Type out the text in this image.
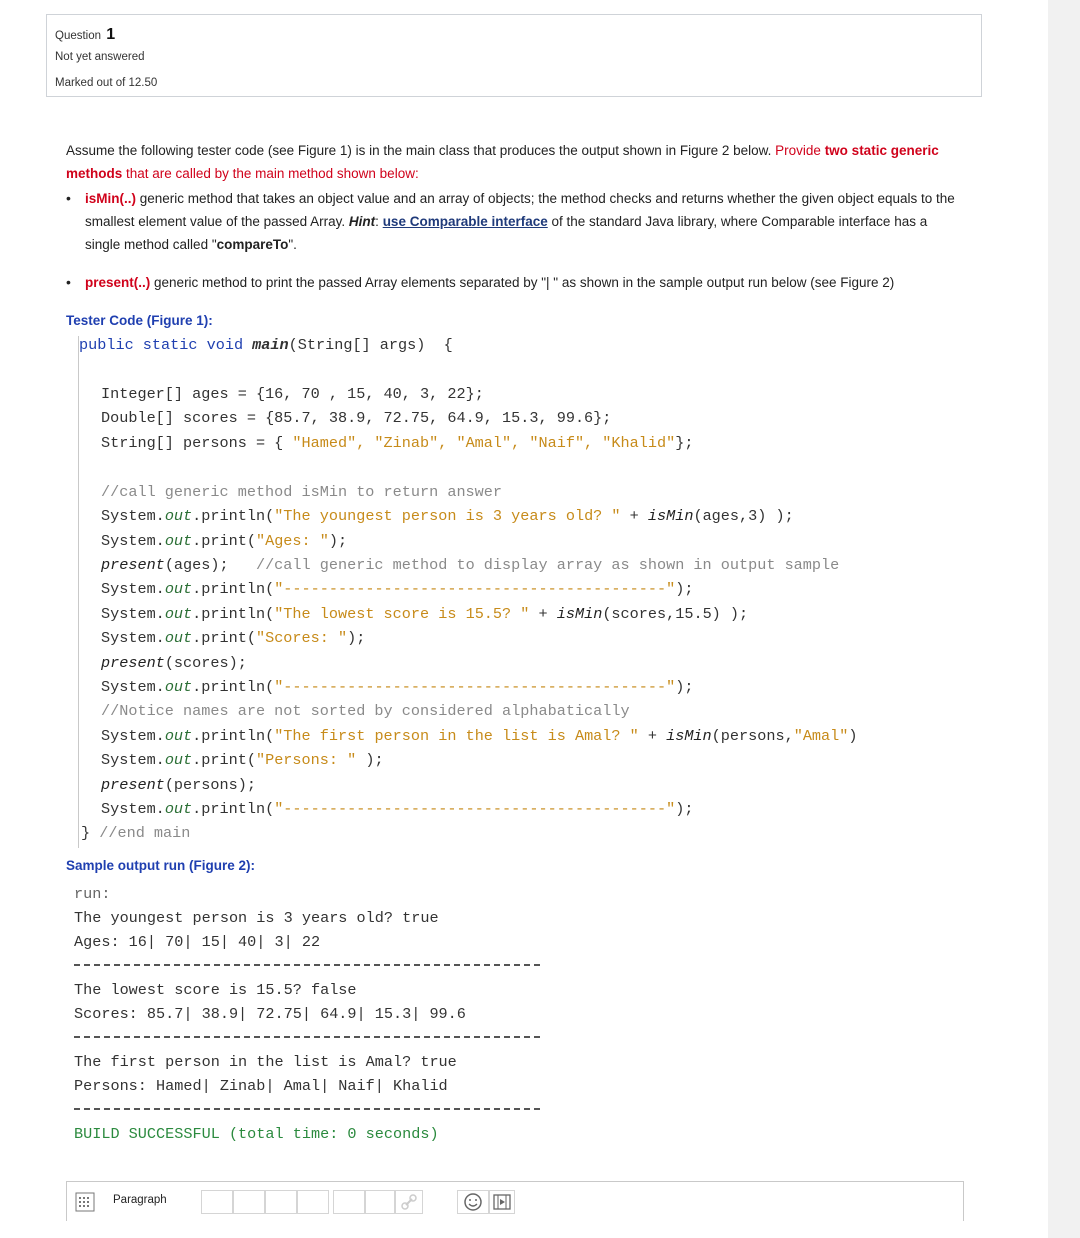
Question 1
Not yet answered
Marked out of 12.50
Assume the following tester code (see Figure 1) is in the main class that produces the output shown in Figure 2 below. Provide two static generic methods that are called by the main method shown below:
• isMin(..) generic method that takes an object value and an array of objects; the method checks and returns whether the given object equals to the smallest element value of the passed Array. Hint: use Comparable interface of the standard Java library, where Comparable interface has a single method called "compareTo".
• present(..) generic method to print the passed Array elements separated by "| " as shown in the sample output run below (see Figure 2)
Tester Code (Figure 1):
public static void main(String[] args)  {
Integer[] ages = {16, 70 , 15, 40, 3, 22};
Double[] scores = {85.7, 38.9, 72.75, 64.9, 15.3, 99.6};
String[] persons = { "Hamed", "Zinab", "Amal", "Naif", "Khalid"};
//call generic method isMin to return answer
System.out.println("The youngest person is 3 years old? " + isMin(ages,3) );
System.out.print("Ages: ");
present(ages);   //call generic method to display array as shown in output sample
System.out.println("------------------------------------------");
System.out.println("The lowest score is 15.5? " + isMin(scores,15.5) );
System.out.print("Scores: ");
present(scores);
System.out.println("------------------------------------------");
//Notice names are not sorted by considered alphabatically
System.out.println("The first person in the list is Amal? " + isMin(persons,"Amal")
System.out.print("Persons: " );
present(persons);
System.out.println("------------------------------------------");
} //end main
Sample output run (Figure 2):
run:
The youngest person is 3 years old? true
Ages: 16| 70| 15| 40| 3| 22
The lowest score is 15.5? false
Scores: 85.7| 38.9| 72.75| 64.9| 15.3| 99.6
The first person in the list is Amal? true
Persons: Hamed| Zinab| Amal| Naif| Khalid
BUILD SUCCESSFUL (total time: 0 seconds)
Paragraph
